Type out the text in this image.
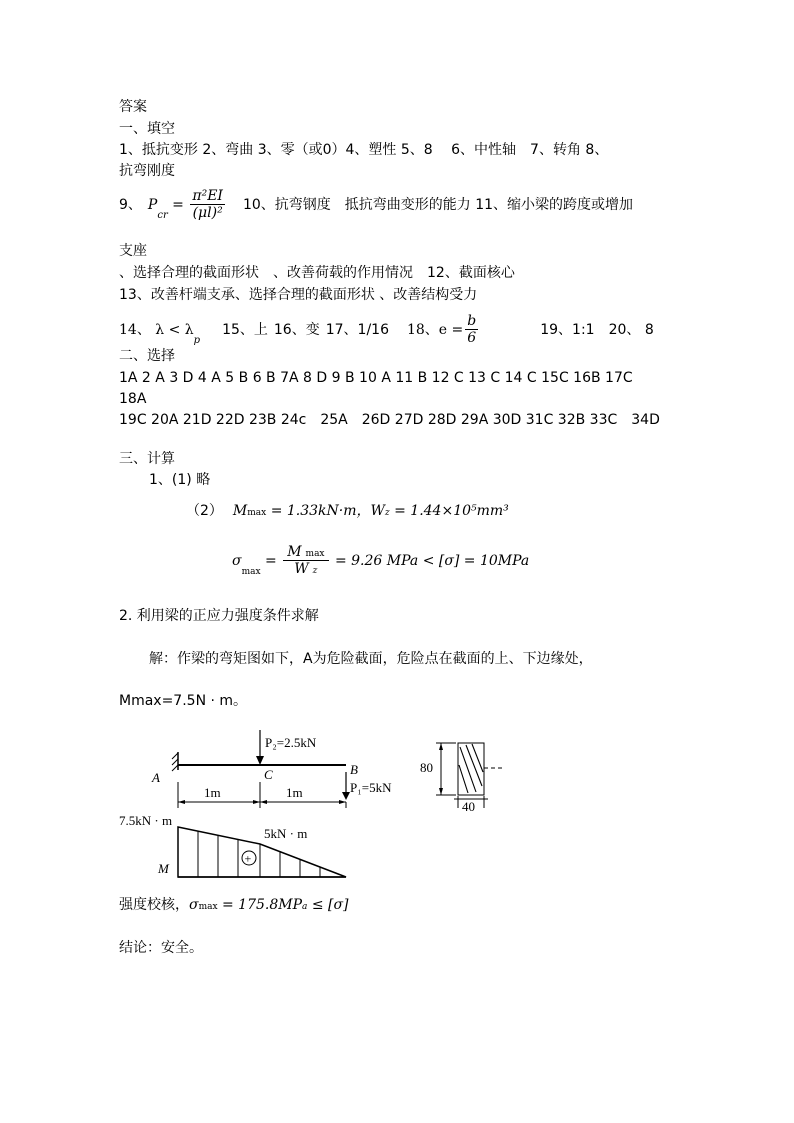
答案
一、填空
1、抵抗变形 2、弯曲 3、零（或0）4、塑性 5、8　 6、中性轴　7、转角 8、
抗弯刚度
9、 P
cr
= $\frac{\text{π²EI}}{\text{(μl)²}} 10$、抗弯钢度　抵抗弯曲变形的能力 11、缩小梁的跨度或增加
支座
、选择合理的截面形状　、改善荷载的作用情况　12、截面核心
13、改善杆端支承、选择合理的截面形状 、改善结构受力
14、 λ < λ
p
15、上 16、变 17、1/16 18、$e = \frac{b}{6}$	19、1:1　20、 8
二、选择
1A 2 A 3 D 4 A 5 B 6 B 7A 8 D 9 B 10 A 11 B 12 C 13 C 14 C 15C 16B 17C
18A
19C 20A 21D 22D 23B 24c　25A　26D 27D 28D 29A 30D 31C 32B 33C　34D
三、计算
1、(1) 略
（2） M max = 1.33kN·m， W z = 1.44×10⁵mm³
σ
max
= $\frac{\text{M max}}{\text{W z}} = 9.26$ MPa < [σ] = 10MPa
2. 利用梁的正应力强度条件求解
解：作梁的弯矩图如下，A为危险截面，危险点在截面的上、下边缘处，
Mmax=7.5N · m。
P₂=2.5kN
P₁=5kN
A
B
C
1m	1m
+
7.5kN · m
5kN · m
M
80
40
强度校核， σ max = 175.8MP a ≤ [σ]
结论：安全。
